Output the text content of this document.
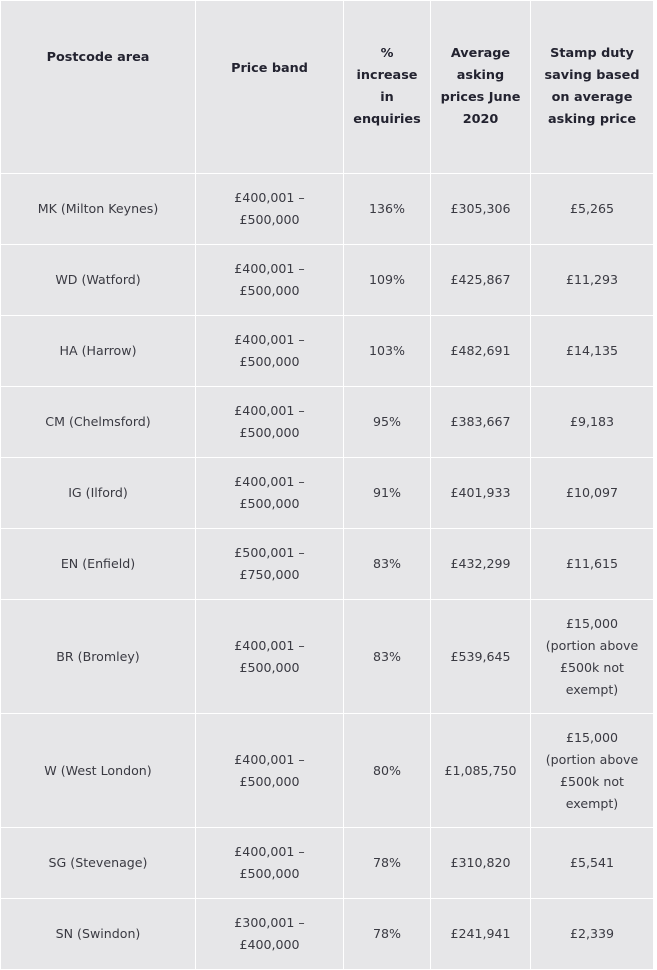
Postcode area	Price band	% increase in enquiries	Average asking prices June 2020	Stamp duty saving based on average asking price
MK (Milton Keynes)	£400,001 – £500,000	136%	£305,306	£5,265
WD (Watford)	£400,001 – £500,000	109%	£425,867	£11,293
HA (Harrow)	£400,001 – £500,000	103%	£482,691	£14,135
CM (Chelmsford)	£400,001 – £500,000	95%	£383,667	£9,183
IG (Ilford)	£400,001 – £500,000	91%	£401,933	£10,097
EN (Enfield)	£500,001 – £750,000	83%	£432,299	£11,615
BR (Bromley)	£400,001 – £500,000	83%	£539,645	£15,000 (portion above £500k not exempt)
W (West London)	£400,001 – £500,000	80%	£1,085,750	£15,000 (portion above £500k not exempt)
SG (Stevenage)	£400,001 – £500,000	78%	£310,820	£5,541
SN (Swindon)	£300,001 – £400,000	78%	£241,941	£2,339
